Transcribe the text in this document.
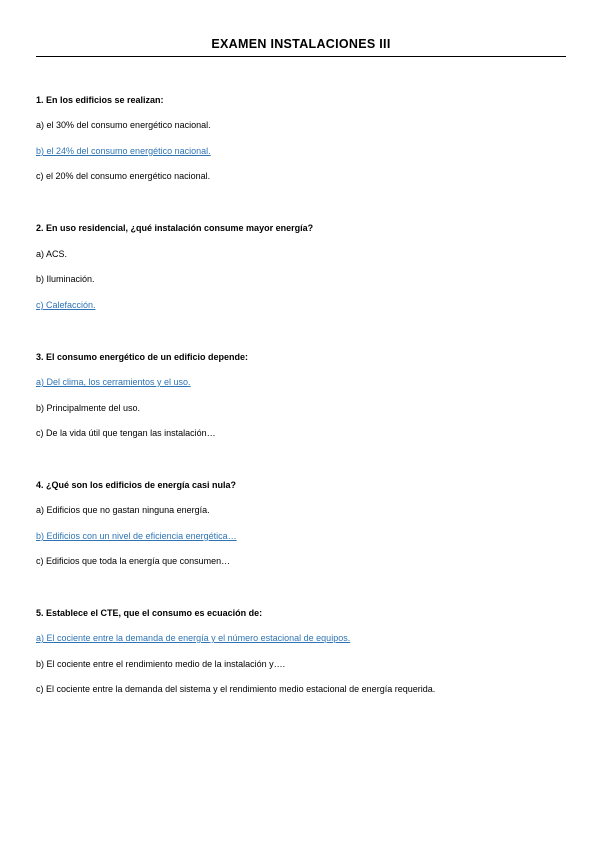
EXAMEN INSTALACIONES III
1. En los edificios se realizan:
a) el 30% del consumo energético nacional.
b) el 24% del consumo energético nacional.
c) el 20% del consumo energético nacional.
2. En uso residencial, ¿qué instalación consume mayor energía?
a) ACS.
b) Iluminación.
c) Calefacción.
3. El consumo energético de un edificio depende:
a) Del clima, los cerramientos y el uso.
b) Principalmente del uso.
c) De la vida útil que tengan las instalación…
4. ¿Qué son los edificios de energía casi nula?
a) Edificios que no gastan ninguna energía.
b) Edificios con un nivel de eficiencia energética…
c) Edificios que toda la energía que consumen…
5. Establece el CTE, que el consumo es ecuación de:
a) El cociente entre la demanda de energía y el número estacional de equipos.
b) El cociente entre el rendimiento medio de la instalación y….
c) El cociente entre la demanda del sistema y el rendimiento medio estacional de energía requerida.
